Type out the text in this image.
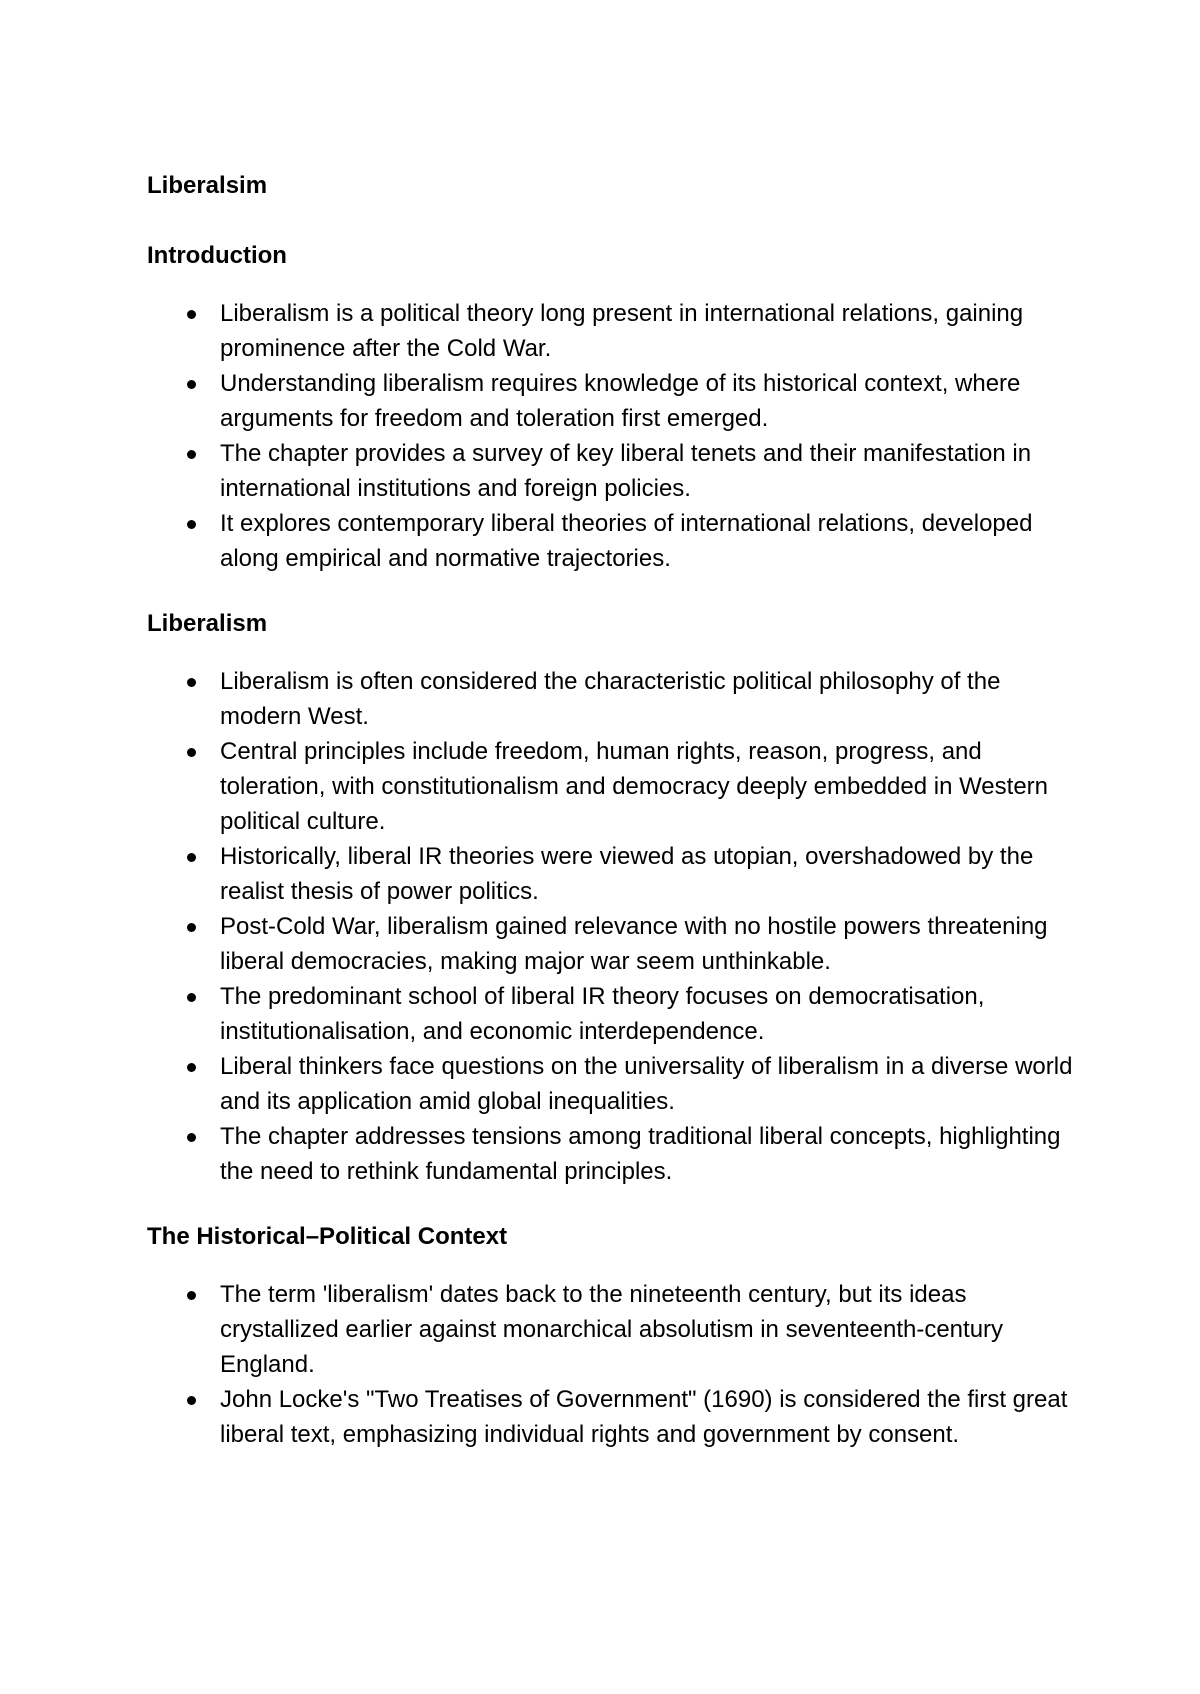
Liberalsim
Introduction
Liberalism is a political theory long present in international relations, gaining prominence after the Cold War.
Understanding liberalism requires knowledge of its historical context, where arguments for freedom and toleration first emerged.
The chapter provides a survey of key liberal tenets and their manifestation in international institutions and foreign policies.
It explores contemporary liberal theories of international relations, developed along empirical and normative trajectories.
Liberalism
Liberalism is often considered the characteristic political philosophy of the modern West.
Central principles include freedom, human rights, reason, progress, and toleration, with constitutionalism and democracy deeply embedded in Western political culture.
Historically, liberal IR theories were viewed as utopian, overshadowed by the realist thesis of power politics.
Post-Cold War, liberalism gained relevance with no hostile powers threatening liberal democracies, making major war seem unthinkable.
The predominant school of liberal IR theory focuses on democratisation, institutionalisation, and economic interdependence.
Liberal thinkers face questions on the universality of liberalism in a diverse world and its application amid global inequalities.
The chapter addresses tensions among traditional liberal concepts, highlighting the need to rethink fundamental principles.
The Historical–Political Context
The term 'liberalism' dates back to the nineteenth century, but its ideas crystallized earlier against monarchical absolutism in seventeenth-century England.
John Locke's "Two Treatises of Government" (1690) is considered the first great liberal text, emphasizing individual rights and government by consent.
